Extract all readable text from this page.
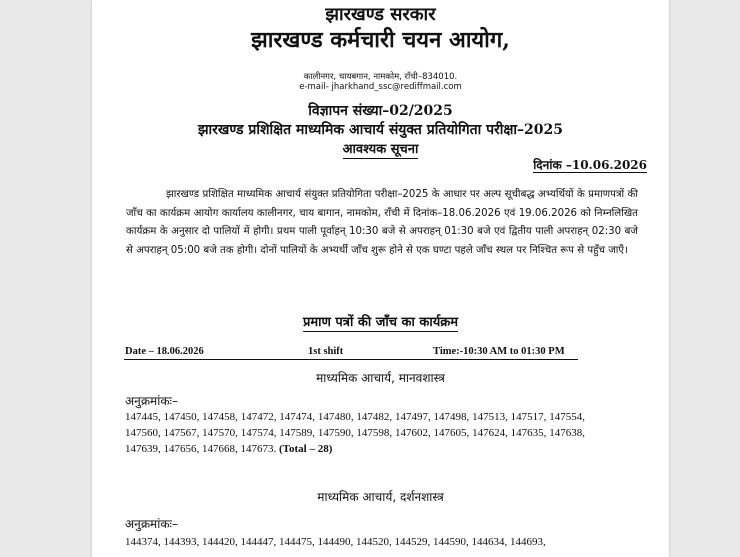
झारखण्ड सरकार
झारखण्ड कर्मचारी चयन आयोग,
कालीनगर, चायबगान, नामकोम, राँची–834010.
e-mail- jharkhand_ssc@rediffmail.com
विज्ञापन संख्या–02/2025
झारखण्ड प्रशिक्षित माध्यमिक आचार्य संयुक्त प्रतियोगिता परीक्षा–2025
आवश्यक सूचना
दिनांक –10.06.2026
झारखण्ड प्रशिक्षित माध्यमिक आचार्य संयुक्त प्रतियोगिता परीक्षा–2025 के आधार पर अल्प सूचीबद्ध अभ्यर्थियों के प्रमाणपत्रों की जाँच का कार्यक्रम आयोग कार्यालय कालीनगर, चाय बागान, नामकोम, राँची में दिनांक–18.06.2026 एवं 19.06.2026 को निम्नलिखित कार्यक्रम के अनुसार दो पालियों में होगी। प्रथम पाली पूर्वाहन् 10:30 बजे से अपराहन् 01:30 बजे एवं द्वितीय पाली अपराहन् 02:30 बजे से अपराहन् 05:00 बजे तक होगी। दोनों पालियों के अभ्यर्थी जाँच शुरू होने से एक घण्टा पहले जाँच स्थल पर निश्चित रूप से पहुँच जाएँ।
प्रमाण पत्रों की जाँच का कार्यक्रम
Date – 18.06.2026	1st shift	Time:-10:30 AM to 01:30 PM
माध्यमिक आचार्य, मानवशास्त्र
अनुक्रमांकः–
147445, 147450, 147458, 147472, 147474, 147480, 147482, 147497, 147498, 147513, 147517, 147554, 147560, 147567, 147570, 147574, 147589, 147590, 147598, 147602, 147605, 147624, 147635, 147638, 147639, 147656, 147668, 147673. (Total – 28)
माध्यमिक आचार्य, दर्शनशास्त्र
अनुक्रमांकः–
144374, 144393, 144420, 144447, 144475, 144490, 144520, 144529, 144590, 144634, 144693,
